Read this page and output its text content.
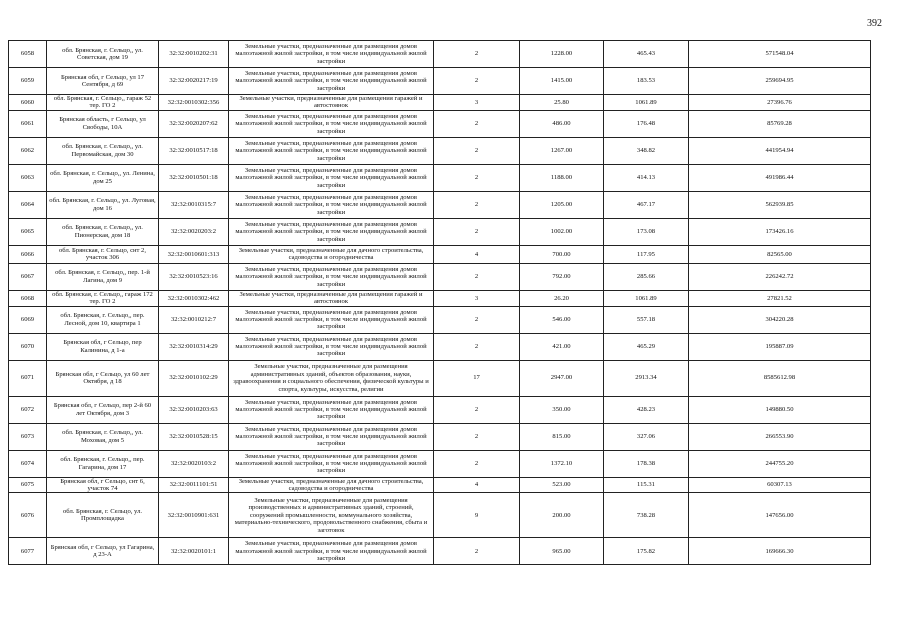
392
6058	обл. Брянская, г. Сельцо,, ул. Советская, дом 19	32:32:0010202:31	Земельные участки, предназначенные для размещения домов малоэтажной жилой застройки, в том числе индивидуальной жилой застройки	2	1228.00	465.43	571548.04
6059	Брянская обл, г Сельцо, ул 17 Сентября, д 69	32:32:0020217:19	Земельные участки, предназначенные для размещения домов малоэтажной жилой застройки, в том числе индивидуальной жилой застройки	2	1415.00	183.53	259694.95
6060	обл. Брянская, г. Сельцо,, гараж 52 тер. ГО 2	32:32:0010302:356	Земельные участки, предназначенные для размещения гаражей и автостоянок	3	25.80	1061.89	27396.76
6061	Брянская область, г Сельцо, ул Свободы, 10А	32:32:0020207:62	Земельные участки, предназначенные для размещения домов малоэтажной жилой застройки, в том числе индивидуальной жилой застройки	2	486.00	176.48	85769.28
6062	обл. Брянская, г. Сельцо,, ул. Первомайская, дом 30	32:32:0010517:18	Земельные участки, предназначенные для размещения домов малоэтажной жилой застройки, в том числе индивидуальной жилой застройки	2	1267.00	348.82	441954.94
6063	обл. Брянская, г. Сельцо,, ул. Ленина, дом 25	32:32:0010501:18	Земельные участки, предназначенные для размещения домов малоэтажной жилой застройки, в том числе индивидуальной жилой застройки	2	1188.00	414.13	491986.44
6064	обл. Брянская, г. Сельцо,, ул. Луговая, дом 16	32:32:0010315:7	Земельные участки, предназначенные для размещения домов малоэтажной жилой застройки, в том числе индивидуальной жилой застройки	2	1205.00	467.17	562939.85
6065	обл. Брянская, г. Сельцо,, ул. Пионерская, дом 18	32:32:0020203:2	Земельные участки, предназначенные для размещения домов малоэтажной жилой застройки, в том числе индивидуальной жилой застройки	2	1002.00	173.08	173426.16
6066	обл. Брянская, г. Сельцо, снт 2, участок 306	32:32:0010601:313	Земельные участки, предназначенные для дачного строительства, садоводства и огородничества	4	700.00	117.95	82565.00
6067	обл. Брянская, г. Сельцо,, пер. 1-й Лагина, дом 9	32:32:0010523:16	Земельные участки, предназначенные для размещения домов малоэтажной жилой застройки, в том числе индивидуальной жилой застройки	2	792.00	285.66	226242.72
6068	обл. Брянская, г. Сельцо,, гараж 172 тер. ГО 2	32:32:0010302:462	Земельные участки, предназначенные для размещения гаражей и автостоянок	3	26.20	1061.89	27821.52
6069	обл. Брянская, г. Сельцо,, пер. Лесной, дом 10, квартира 1	32:32:0010212:7	Земельные участки, предназначенные для размещения домов малоэтажной жилой застройки, в том числе индивидуальной жилой застройки	2	546.00	557.18	304220.28
6070	Брянская обл, г Сельцо, пер Калинина, д 1-а	32:32:0010314:29	Земельные участки, предназначенные для размещения домов малоэтажной жилой застройки, в том числе индивидуальной жилой застройки	2	421.00	465.29	195887.09
6071	Брянская обл, г Сельцо, ул 60 лет Октября, д 18	32:32:0010102:29	Земельные участки, предназначенные для размещения административных зданий, объектов образования, науки, здравоохранения и социального обеспечения, физической культуры и спорта, культуры, искусства, религии	17	2947.00	2913.34	8585612.98
6072	Брянская обл, г Сельцо, пер 2-й 60 лет Октября, дом 3	32:32:0010203:63	Земельные участки, предназначенные для размещения домов малоэтажной жилой застройки, в том числе индивидуальной жилой застройки	2	350.00	428.23	149880.50
6073	обл. Брянская, г. Сельцо,, ул. Моховая, дом 5	32:32:0010528:15	Земельные участки, предназначенные для размещения домов малоэтажной жилой застройки, в том числе индивидуальной жилой застройки	2	815.00	327.06	266553.90
6074	обл. Брянская, г. Сельцо,, пер. Гагарина, дом 17	32:32:0020103:2	Земельные участки, предназначенные для размещения домов малоэтажной жилой застройки, в том числе индивидуальной жилой застройки	2	1372.10	178.38	244755.20
6075	Брянская обл, г Сельцо, снт 6, участок 74	32:32:0011101:51	Земельные участки, предназначенные для дачного строительства, садоводства и огородничества	4	523.00	115.31	60307.13
6076	обл. Брянская, г. Сельцо, ул. Промплощадка	32:32:0010901:631	Земельные участки, предназначенные для размещения производственных и административных зданий, строений, сооружений промышленности, коммунального хозяйства, материально-технического, продовольственного снабжения, сбыта и заготовок	9	200.00	738.28	147656.00
6077	Брянская обл, г Сельцо, ул Гагарина, д 23-А	32:32:0020101:1	Земельные участки, предназначенные для размещения домов малоэтажной жилой застройки, в том числе индивидуальной жилой застройки	2	965.00	175.82	169666.30
